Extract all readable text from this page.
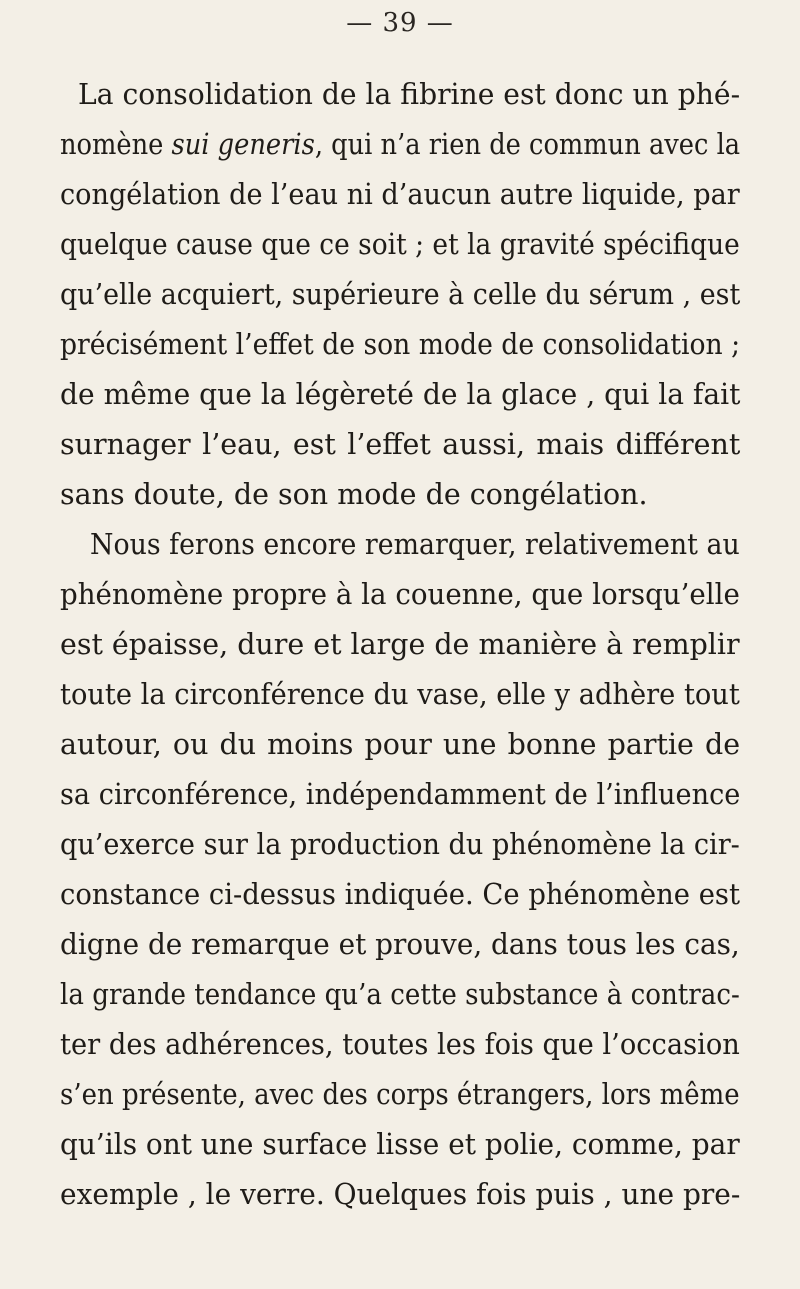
— 39 —
La consolidation de la fibrine est donc un phé-
nomène sui generis, qui n’a rien de commun avec la
congélation de l’eau ni d’aucun autre liquide, par
quelque cause que ce soit ; et la gravité spécifique
qu’elle acquiert, supérieure à celle du sérum , est
précisément l’effet de son mode de consolidation ;
de même que la légèreté de la glace , qui la fait
surnager l’eau, est l’effet aussi, mais différent
sans doute, de son mode de congélation.
Nous ferons encore remarquer, relativement au
phénomène propre à la couenne, que lorsqu’elle
est épaisse, dure et large de manière à remplir
toute la circonférence du vase, elle y adhère tout
autour, ou du moins pour une bonne partie de
sa circonférence, indépendamment de l’influence
qu’exerce sur la production du phénomène la cir-
constance ci-dessus indiquée. Ce phénomène est
digne de remarque et prouve, dans tous les cas,
la grande tendance qu’a cette substance à contrac-
ter des adhérences, toutes les fois que l’occasion
s’en présente, avec des corps étrangers, lors même
qu’ils ont une surface lisse et polie, comme, par
exemple , le verre. Quelques fois puis , une pre-
